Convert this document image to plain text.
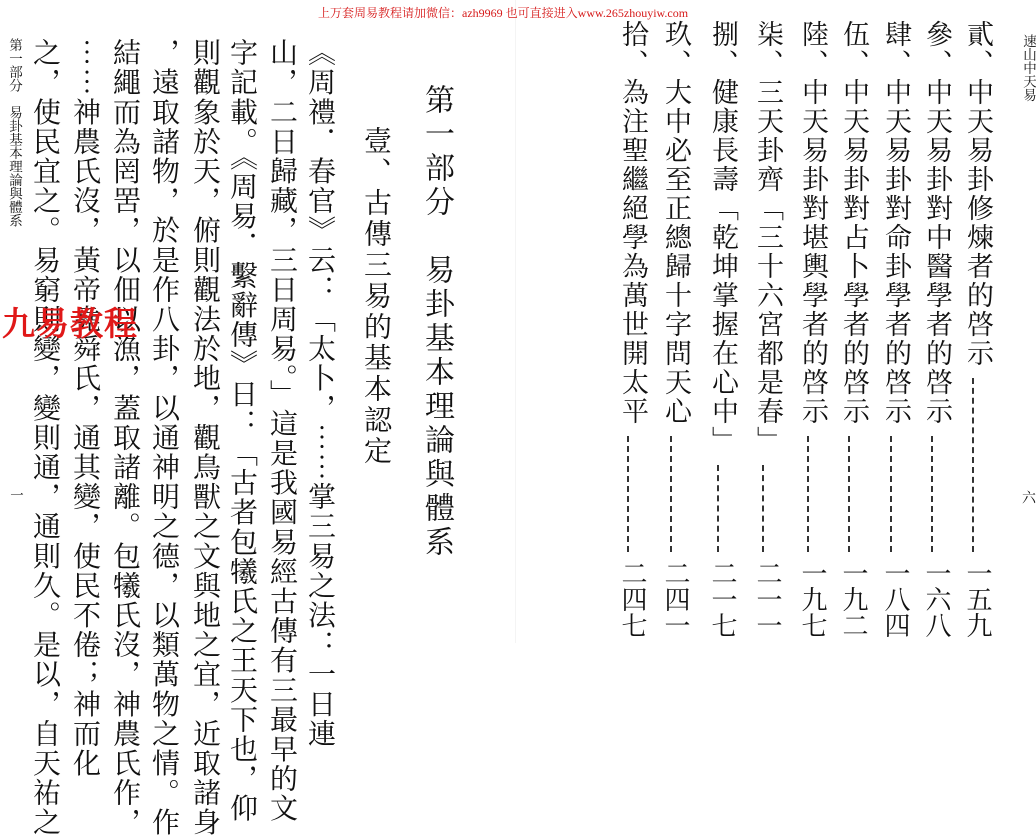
速山中天易
六
貳、中天易卦修煉者的啓示
一五九
參、中天易卦對中醫學者的啓示
一六八
肆、中天易卦對命卦學者的啓示
一八四
伍、中天易卦對占卜學者的啓示
一九二
陸、中天易卦對堪輿學者的啓示
一九七
柒、三天卦齊「三十六宮都是春」
二一一
捌、健康長壽「乾坤掌握在心中」
二一七
玖、大中必至正總歸十字問天心
二四一
拾、為注聖繼絕學為萬世開太平
二四七
第一部分　易卦基本理論與體系
一	第一部分　易卦基本理論與體系
壹、古傳三易的基本認定
《周禮．春官》云：「太卜，⋯⋯掌三易之法：一日連
山，二日歸藏，三日周易。」這是我國易經古傳有三最早的文
字記載。《周易．繫辭傳》日：「古者包犧氏之王天下也，仰
則觀象於天，俯則觀法於地，觀鳥獸之文與地之宜，近取諸身
，遠取諸物，於是作八卦，以通神明之德，以類萬物之情。作
結繩而為罔罟，以佃以漁，蓋取諸離。包犧氏沒，神農氏作，
⋯⋯神農氏沒，黃帝堯舜氏，通其變，使民不倦；神而化
之，使民宜之。易窮則變，變則通，通則久。是以，自天祐之
上万套周易教程请加微信：azh9969 也可直接进入www.265zhouyiw.com
九易教程
